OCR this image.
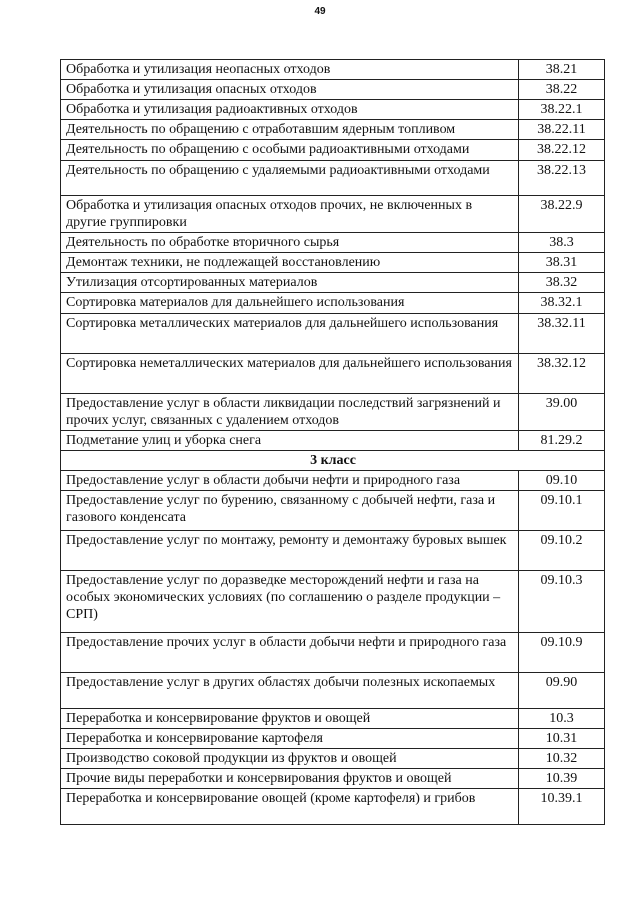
49
Обработка и утилизация неопасных отходов	38.21
Обработка и утилизация опасных отходов	38.22
Обработка и утилизация радиоактивных отходов	38.22.1
Деятельность по обращению с отработавшим ядерным топливом	38.22.11
Деятельность по обращению с особыми радиоактивными отходами	38.22.12
Деятельность по обращению с удаляемыми радиоактивными отходами	38.22.13
Обработка и утилизация опасных отходов прочих, не включенных в другие группировки	38.22.9
Деятельность по обработке вторичного сырья	38.3
Демонтаж техники, не подлежащей восстановлению	38.31
Утилизация отсортированных материалов	38.32
Сортировка материалов для дальнейшего использования	38.32.1
Сортировка металлических материалов для дальнейшего использования	38.32.11
Сортировка неметаллических материалов для дальнейшего использования	38.32.12
Предоставление услуг в области ликвидации последствий загрязнений и прочих услуг, связанных с удалением отходов	39.00
Подметание улиц и уборка снега	81.29.2
3 класс	
Предоставление услуг в области добычи нефти и природного газа	09.10
Предоставление услуг по бурению, связанному с добычей нефти, газа и газового конденсата	09.10.1
Предоставление услуг по монтажу, ремонту и демонтажу буровых вышек	09.10.2
Предоставление услуг по доразведке месторождений нефти и газа на особых экономических условиях (по соглашению о разделе продукции – СРП)	09.10.3
Предоставление прочих услуг в области добычи нефти и природного газа	09.10.9
Предоставление услуг в других областях добычи полезных ископаемых	09.90
Переработка и консервирование фруктов и овощей	10.3
Переработка и консервирование картофеля	10.31
Производство соковой продукции из фруктов и овощей	10.32
Прочие виды переработки и консервирования фруктов и овощей	10.39
Переработка и консервирование овощей (кроме картофеля) и грибов	10.39.1
